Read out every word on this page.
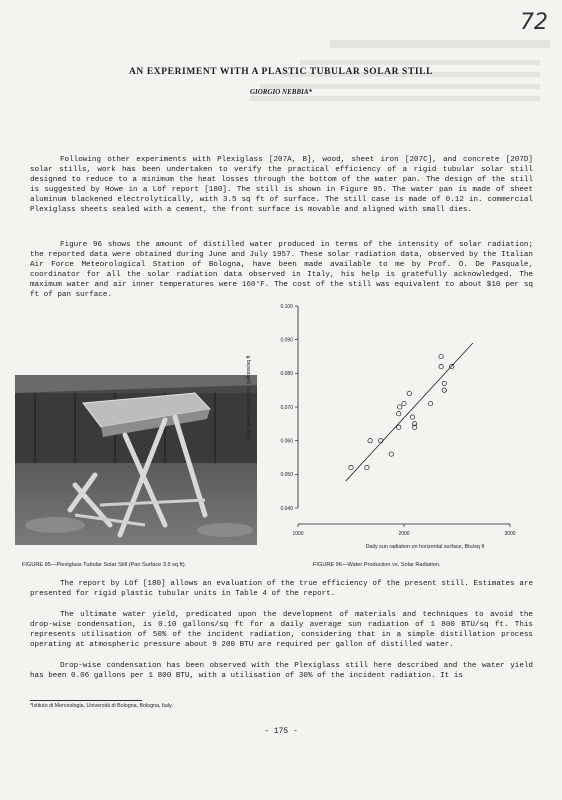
72
AN EXPERIMENT WITH A PLASTIC TUBULAR SOLAR STILL
GIORGIO NEBBIA*
Following other experiments with Plexiglass [207A, B], wood, sheet iron [207C], and concrete [207D] solar stills, work has been undertaken to verify the practical efficiency of a rigid tubular solar still designed to reduce to a minimum the heat losses through the bottom of the water pan. The design of the still is suggested by Howe in a Löf report [180]. The still is shown in Figure 95. The water pan is made of sheet aluminum blackened electrolytically, with 3.5 sq ft of surface. The still case is made of 0.12 in. commercial Plexiglass sheets sealed with a cement, the front surface is movable and aligned with small dies.
Figure 96 shows the amount of distilled water produced in terms of the intensity of solar radiation; the reported data were obtained during June and July 1957. These solar radiation data, observed by the Italian Air Force Meteorological Station of Bologna, have been made available to me by Prof. O. De Pasquale, coordinator for all the solar radiation data observed in Italy, his help is gratefully acknowledged. The maximum water and air inner temperatures were 160°F. The cost of the still was equivalent to about $10 per sq ft of pan surface.
0.040
0.050
0.060
0.070
0.080
0.090
0.100
1000	2000	3000
Daily water production, gallons/sq ft
Daily sun radiation on horizontal surface, Btu/sq ft
FIGURE 95—Plexiglass Tubular Solar Still (Pan Surface 3.5 sq ft).	FIGURE 96—Water Production vs. Solar Radiation.
The report by Löf [180] allows an evaluation of the true efficiency of the present still. Estimates are presented for rigid plastic tubular units in Table 4 of the report.
The ultimate water yield, predicated upon the development of materials and techniques to avoid the drop-wise condensation, is 0.10 gallons/sq ft for a daily average sun radiation of 1 800 BTU/sq ft. This represents utilisation of 50% of the incident radiation, considering that in a simple distillation process operating at atmospheric pressure about 9 200 BTU are required per gallon of distilled water.
Drop-wise condensation has been observed with the Plexiglass still here described and the water yield has been 0.06 gallons per 1 800 BTU, with a utilisation of 30% of the incident radiation. It is
*Istituto di Merceologia, Università di Bologna, Bologna, Italy.
- 175 -
